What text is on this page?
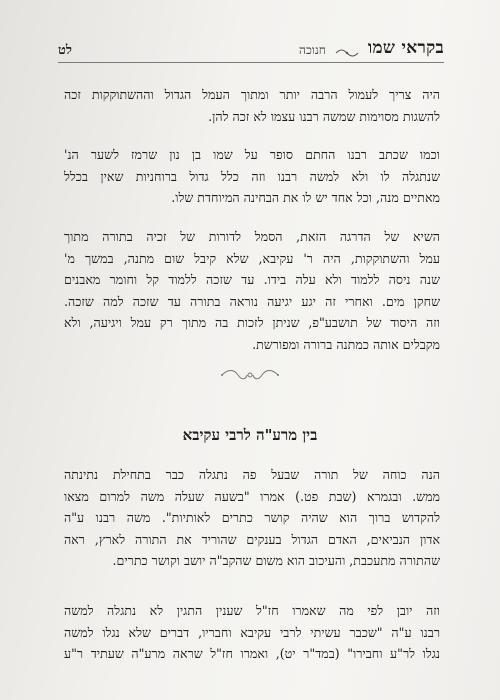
בקראי שמו
חנוכה
לט
היה צריך לעמול הרבה יותר ומתוך העמל הגדול וההשתוקקות זכה
להשגות מסוימות שמשה רבנו עצמו לא זכה להן.
וכמו שכתב רבנו החתם סופר על שמו בן נון שרמז לשער הנ'
שנתגלה לו ולא למשה רבנו וזה כלל גדול ברוחניות שאין בכלל
מאתיים מנה, וכל אחד יש לו את הבחינה המיוחדת שלו.
השיא של הדרגה הזאת, הסמל לדורות של זכיה בתורה מתוך
עמל והשתוקקות, היה ר' עקיבא, שלא קיבל שום מתנה, במשך מ'
שנה ניסה ללמוד ולא עלה בידו. עד שזכה ללמוד קל וחומר מאבנים
שחקן מים. ואחרי זה יגע יגיעה נוראה בתורה עד שזכה למה שזכה.
וזה היסוד של תושבע"פ, שניתן לזכות בה מתוך רק עמל ויגיעה, ולא
מקבלים אותה כמתנה ברורה ומפורשת.
בין מרע"ה לרבי עקיבא
הנה כוחה של תורה שבעל פה נתגלה כבר בתחילת נתינתה
ממש. ובגמרא (שבת פט.) אמרו "בשעה שעלה משה למרום מצאו
להקדוש ברוך הוא שהיה קושר כתרים לאותיות". משה רבנו ע"ה
אדון הנביאים, האדם הגדול בענקים שהוריד את התורה לארץ, ראה
שהתורה מתעכבת, והעיכוב הוא משום שהקב"ה יושב וקושר כתרים.
וזה יובן לפי מה שאמרו חז"ל שענין התגין לא נתגלה למשה
רבנו ע"ה "שכבר עשיתי לרבי עקיבא וחבריו, דברים שלא נגלו למשה
נגלו לר"ע וחבירו" (במד"ר יט), ואמרו חז"ל שראה מרע"ה שעתיד ר"ע
